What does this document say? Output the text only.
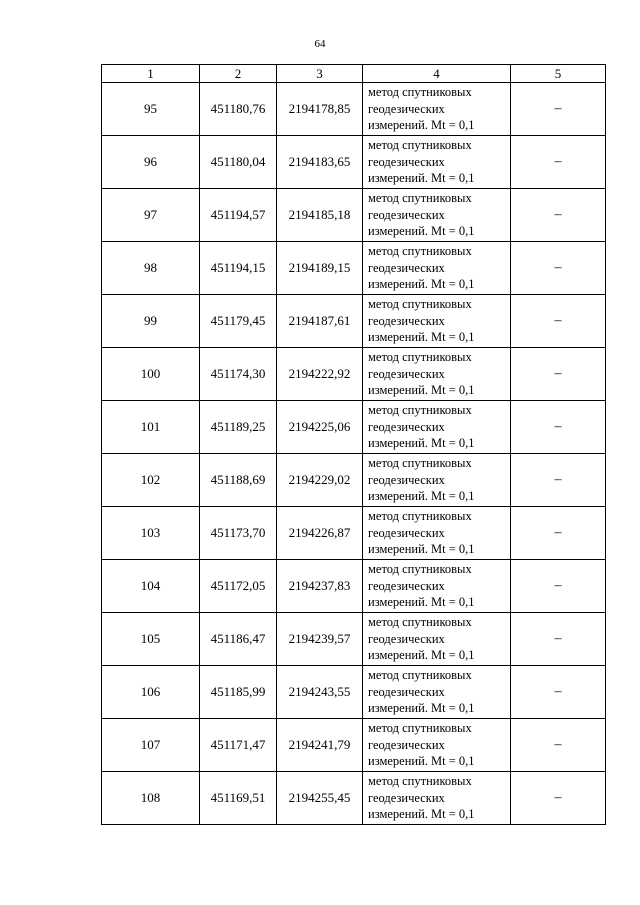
64
1	2	3	4	5
95	451180,76	2194178,85	метод спутниковых
геодезических
измерений. Mt = 0,1	–
96	451180,04	2194183,65	метод спутниковых
геодезических
измерений. Mt = 0,1	–
97	451194,57	2194185,18	метод спутниковых
геодезических
измерений. Mt = 0,1	–
98	451194,15	2194189,15	метод спутниковых
геодезических
измерений. Mt = 0,1	–
99	451179,45	2194187,61	метод спутниковых
геодезических
измерений. Mt = 0,1	–
100	451174,30	2194222,92	метод спутниковых
геодезических
измерений. Mt = 0,1	–
101	451189,25	2194225,06	метод спутниковых
геодезических
измерений. Mt = 0,1	–
102	451188,69	2194229,02	метод спутниковых
геодезических
измерений. Mt = 0,1	–
103	451173,70	2194226,87	метод спутниковых
геодезических
измерений. Mt = 0,1	–
104	451172,05	2194237,83	метод спутниковых
геодезических
измерений. Mt = 0,1	–
105	451186,47	2194239,57	метод спутниковых
геодезических
измерений. Mt = 0,1	–
106	451185,99	2194243,55	метод спутниковых
геодезических
измерений. Mt = 0,1	–
107	451171,47	2194241,79	метод спутниковых
геодезических
измерений. Mt = 0,1	–
108	451169,51	2194255,45	метод спутниковых
геодезических
измерений. Mt = 0,1	–
